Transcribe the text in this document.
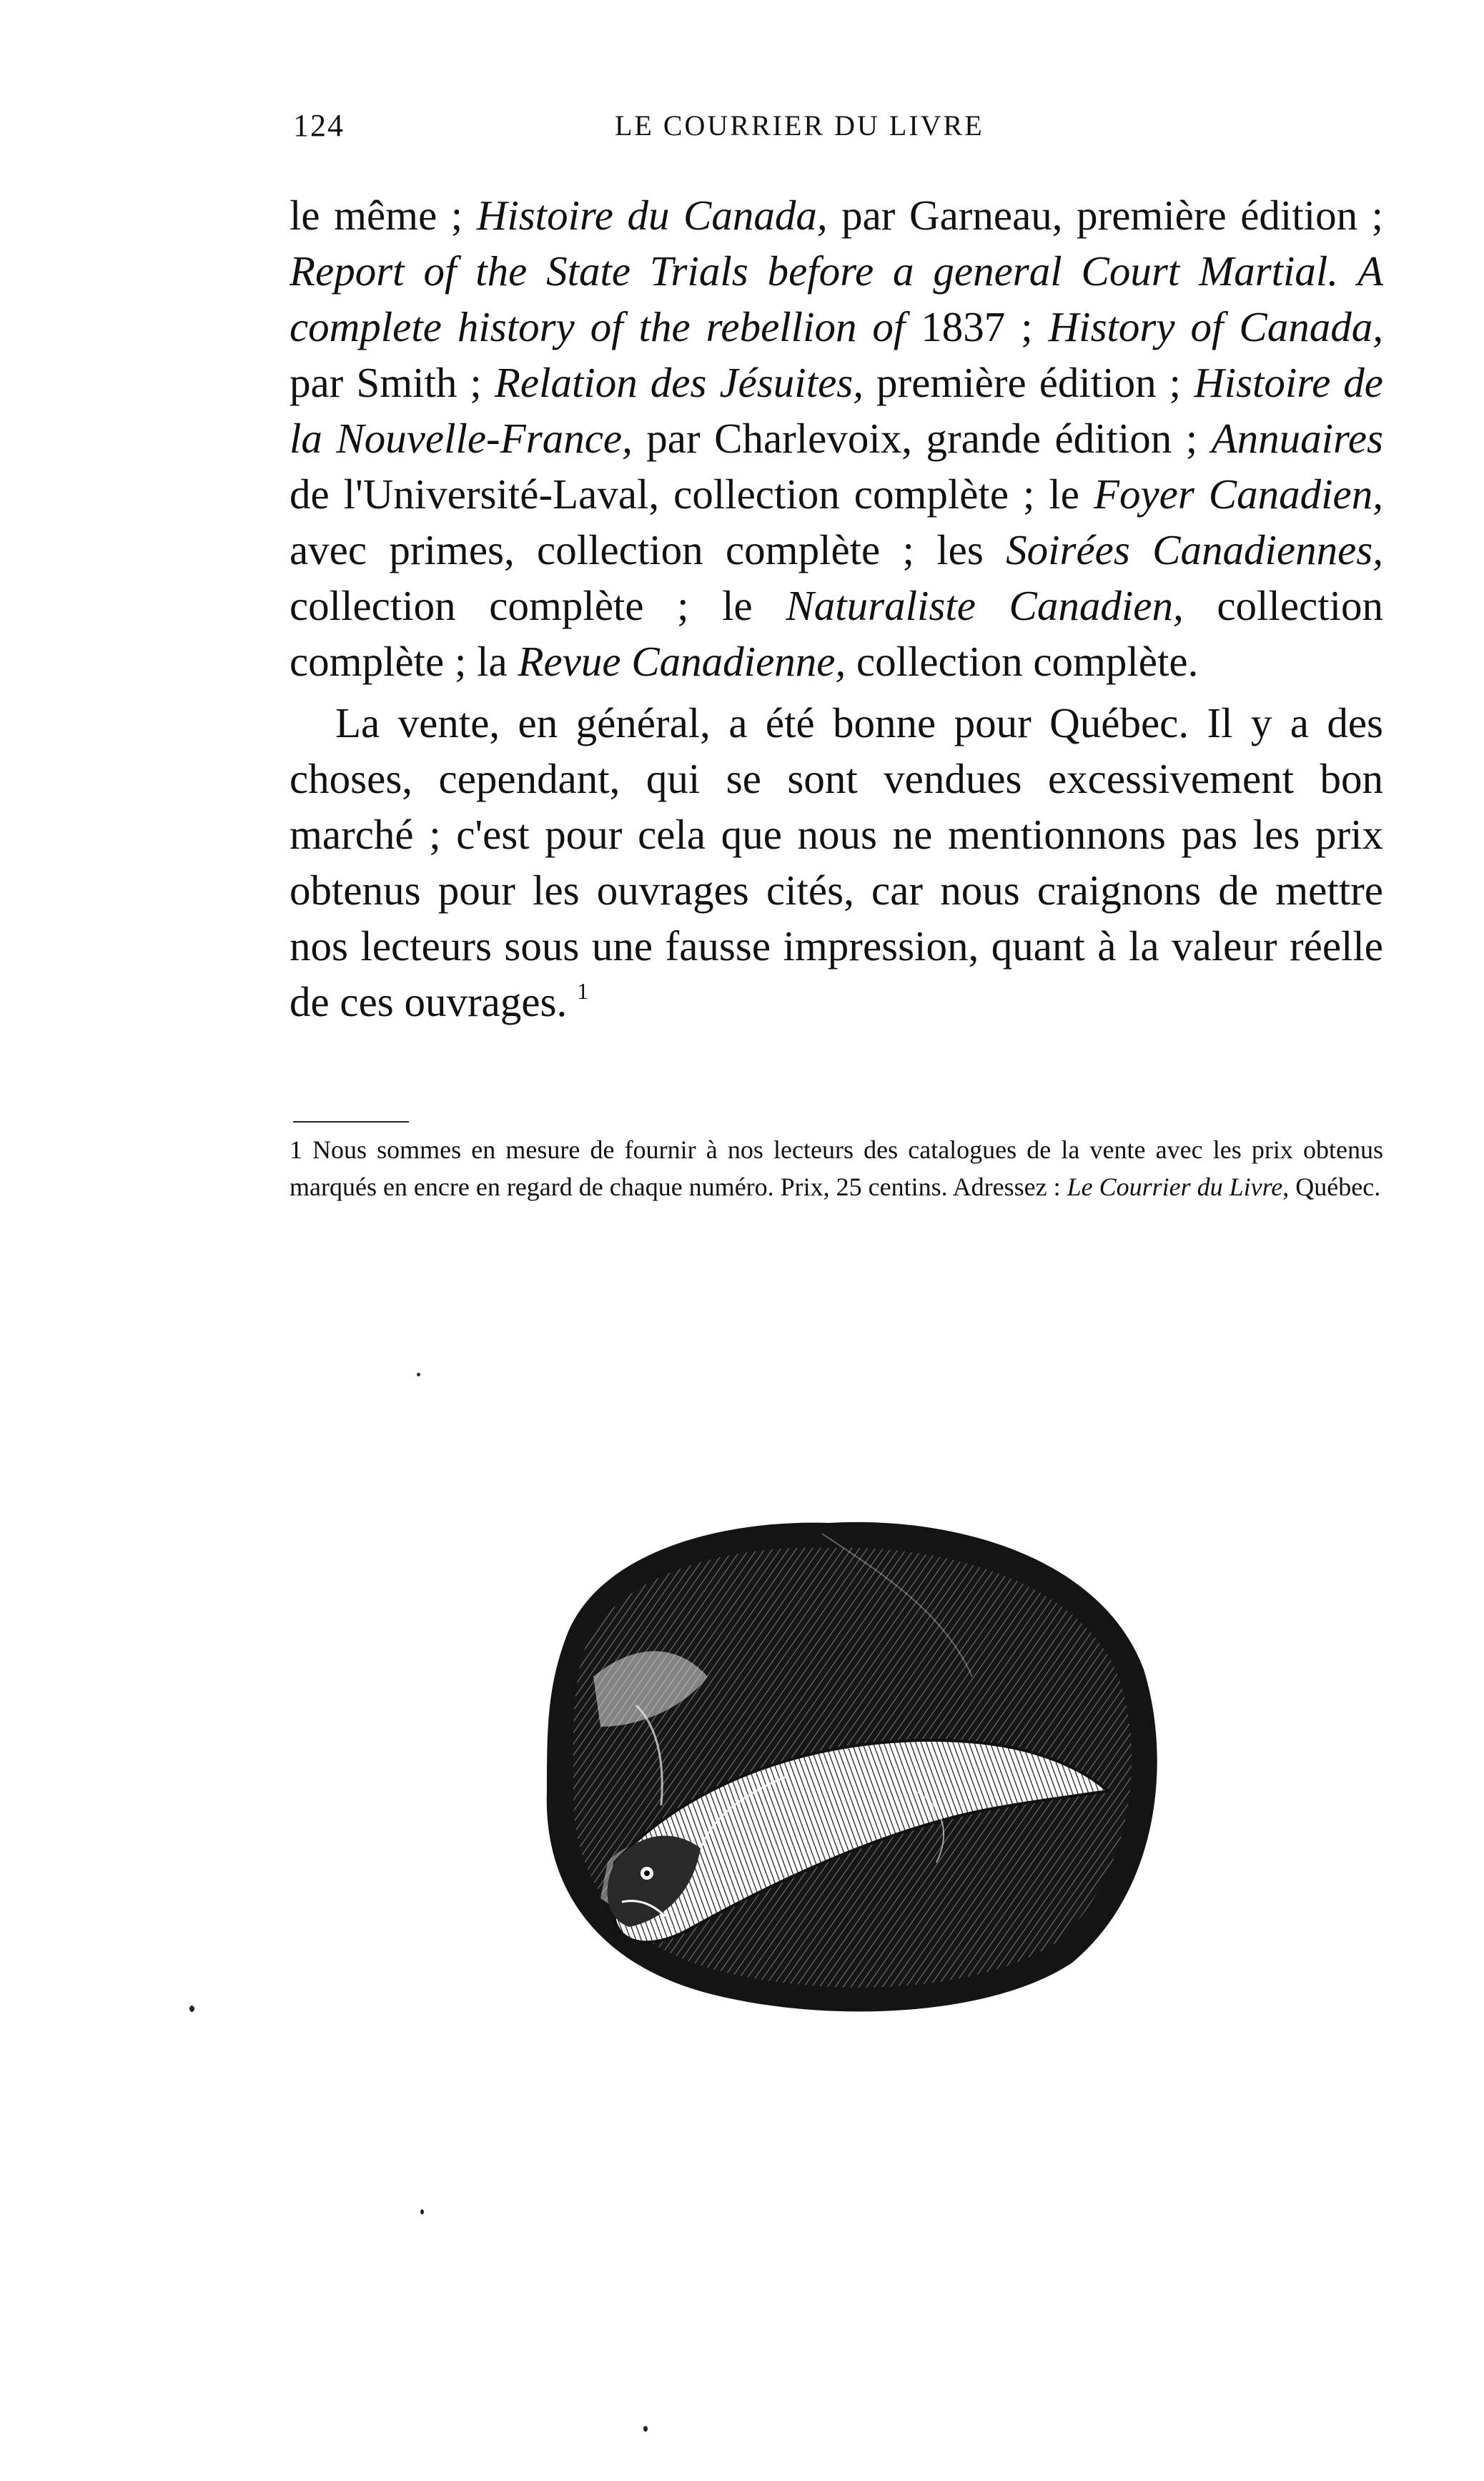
124	LE COURRIER DU LIVRE

le même ; Histoire du Canada, par Garneau, première édition ; Report of the State Trials before a general Court Martial. A complete history of the rebellion of 1837 ; History of Canada, par Smith ; Relation des Jésuites, première édition ; Histoire de la Nouvelle-France, par Charlevoix, grande édition ; Annuaires de l'Université-Laval, collection complète ; le Foyer Canadien, avec primes, collection complète ; les Soirées Canadiennes, collection complète ; le Naturaliste Canadien, collection complète ; la Revue Canadienne, collection complète.

La vente, en général, a été bonne pour Québec. Il y a des choses, cependant, qui se sont vendues excessivement bon marché ; c'est pour cela que nous ne mentionnons pas les prix obtenus pour les ouvrages cités, car nous craignons de mettre nos lecteurs sous une fausse impression, quant à la valeur réelle de ces ouvrages. $^1$

1 Nous sommes en mesure de fournir à nos lecteurs des catalogues de la vente avec les prix obtenus marqués en encre en regard de chaque numéro. Prix, 25 centins. Adressez : Le Courrier du Livre, Québec.
